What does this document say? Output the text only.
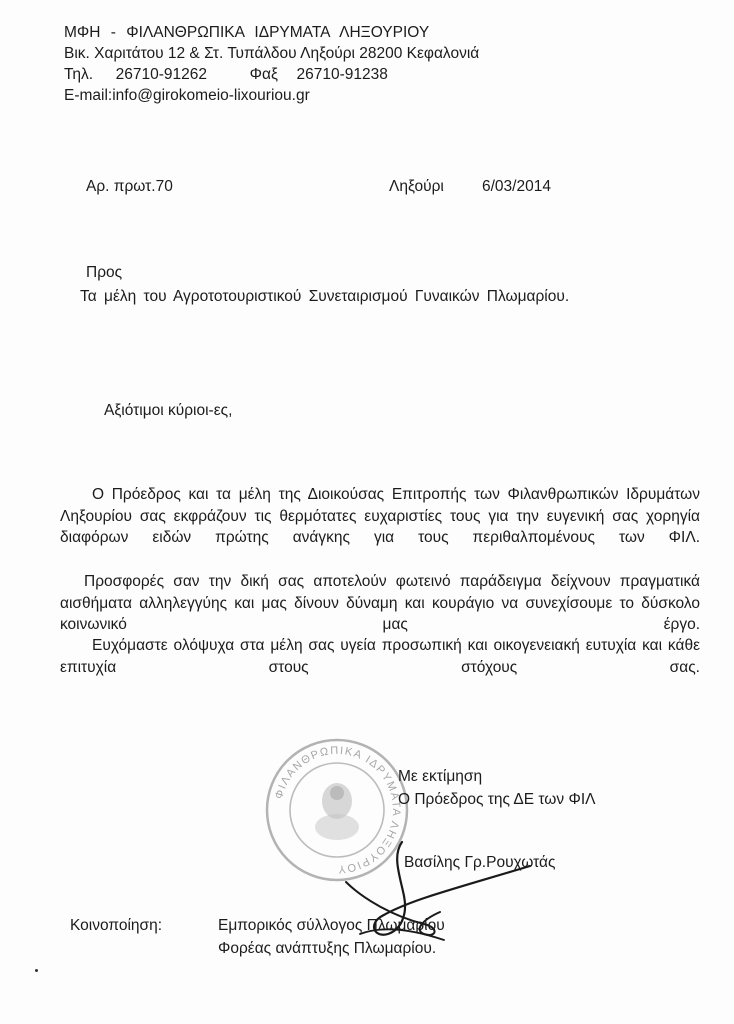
ΜΦΗ - ΦΙΛΑΝΘΡΩΠΙΚΑ ΙΔΡΥΜΑΤΑ ΛΗΞΟΥΡΙΟΥ
Βικ. Χαριτάτου 12 & Στ. Τυπάλδου Ληξούρι 28200 Κεφαλονιά
Τηλ. 26710-91262	Φαξ 26710-91238
E-mail:info@girokomeio-lixouriou.gr
Αρ. πρωτ.70	Ληξούρι 6/03/2014
Προς
Τα μέλη του Αγροτοτουριστικού Συνεταιρισμού Γυναικών Πλωμαρίου.
Αξιότιμοι κύριοι-ες,
Ο Πρόεδρος και τα μέλη της Διοικούσας Επιτροπής των Φιλανθρωπικών Ιδρυμάτων Ληξουρίου σας εκφράζουν τις θερμότατες ευχαριστίες τους για την ευγενική σας χορηγία διαφόρων ειδών πρώτης ανάγκης για τους περιθαλπομένους των ΦΙΛ.
Προσφορές σαν την δική σας αποτελούν φωτεινό παράδειγμα δείχνουν πραγματικά αισθήματα αλληλεγγύης και μας δίνουν δύναμη και κουράγιο να συνεχίσουμε το δύσκολο κοινωνικό μας έργο.
Ευχόμαστε ολόψυχα στα μέλη σας υγεία προσωπική και οικογενειακή ευτυχία και κάθε επιτυχία στους στόχους σας.
ΦΙΛΑΝΘΡΩΠΙΚΑ ΙΔΡΥΜΑΤΑ ΛΗΞΟΥΡΙΟΥ
Με εκτίμηση
Ο Πρόεδρος της ΔΕ των ΦΙΛ
Βασίλης Γρ.Ρουχωτάς
Κοινοποίηση:	Εμπορικός σύλλογος Πλωμαρίου
Φορέας ανάπτυξης Πλωμαρίου.
